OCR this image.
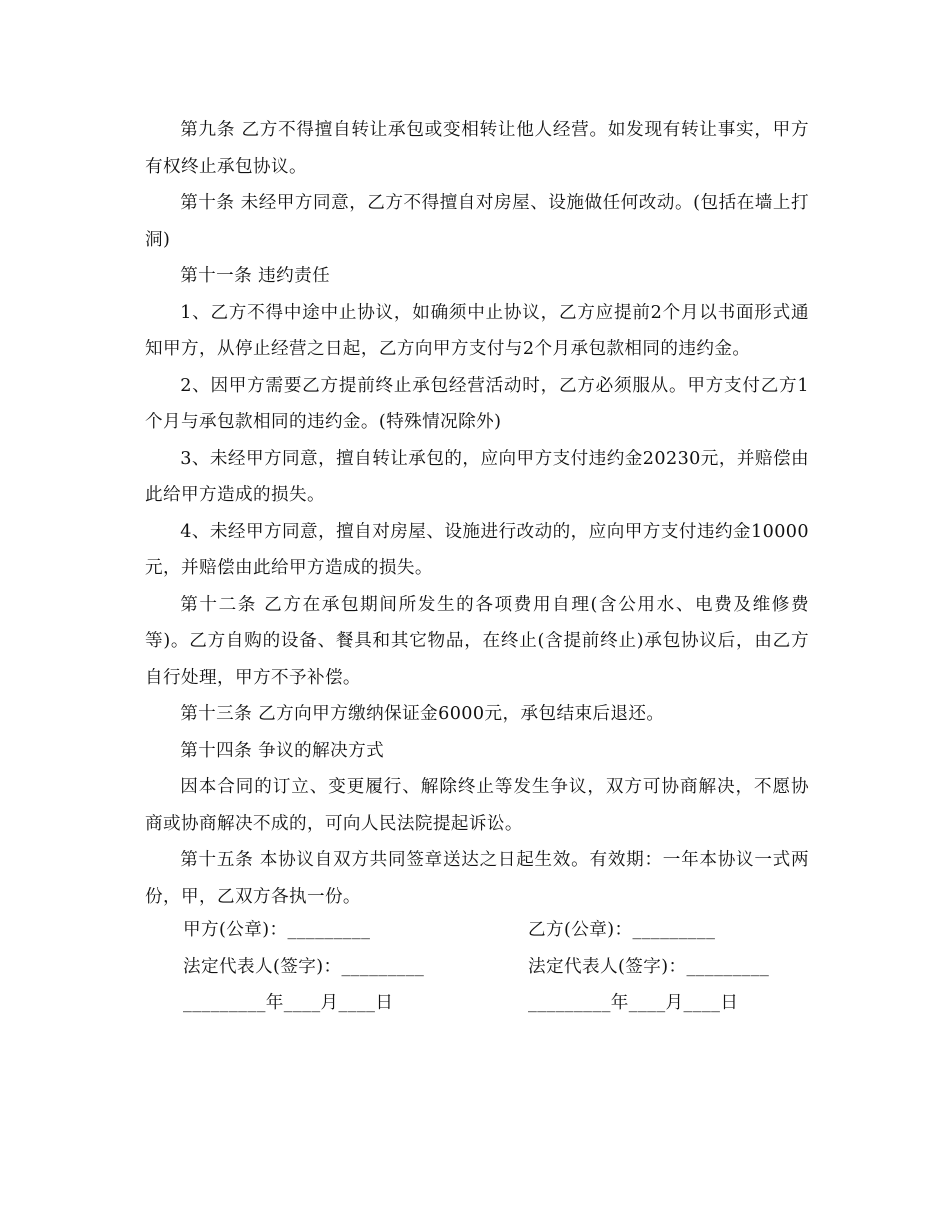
第九条 乙方不得擅自转让承包或变相转让他人经营。如发现有转让事实，甲方有权终止承包协议。

第十条 未经甲方同意，乙方不得擅自对房屋、设施做任何改动。(包括在墙上打洞)

第十一条 违约责任

1、乙方不得中途中止协议，如确须中止协议，乙方应提前2个月以书面形式通知甲方，从停止经营之日起，乙方向甲方支付与2个月承包款相同的违约金。

2、因甲方需要乙方提前终止承包经营活动时，乙方必须服从。甲方支付乙方1个月与承包款相同的违约金。(特殊情况除外)

3、未经甲方同意，擅自转让承包的，应向甲方支付违约金20230元，并赔偿由此给甲方造成的损失。

4、未经甲方同意，擅自对房屋、设施进行改动的，应向甲方支付违约金10000元，并赔偿由此给甲方造成的损失。

第十二条 乙方在承包期间所发生的各项费用自理(含公用水、电费及维修费等)。乙方自购的设备、餐具和其它物品，在终止(含提前终止)承包协议后，由乙方自行处理，甲方不予补偿。

第十三条 乙方向甲方缴纳保证金6000元，承包结束后退还。

第十四条 争议的解决方式

因本合同的订立、变更履行、解除终止等发生争议，双方可协商解决，不愿协商或协商解决不成的，可向人民法院提起诉讼。

第十五条 本协议自双方共同签章送达之日起生效。有效期：一年本协议一式两份，甲，乙双方各执一份。

甲方(公章)：_________	乙方(公章)：_________
法定代表人(签字)：_________	法定代表人(签字)：_________
_________年____月____日	_________年____月____日
